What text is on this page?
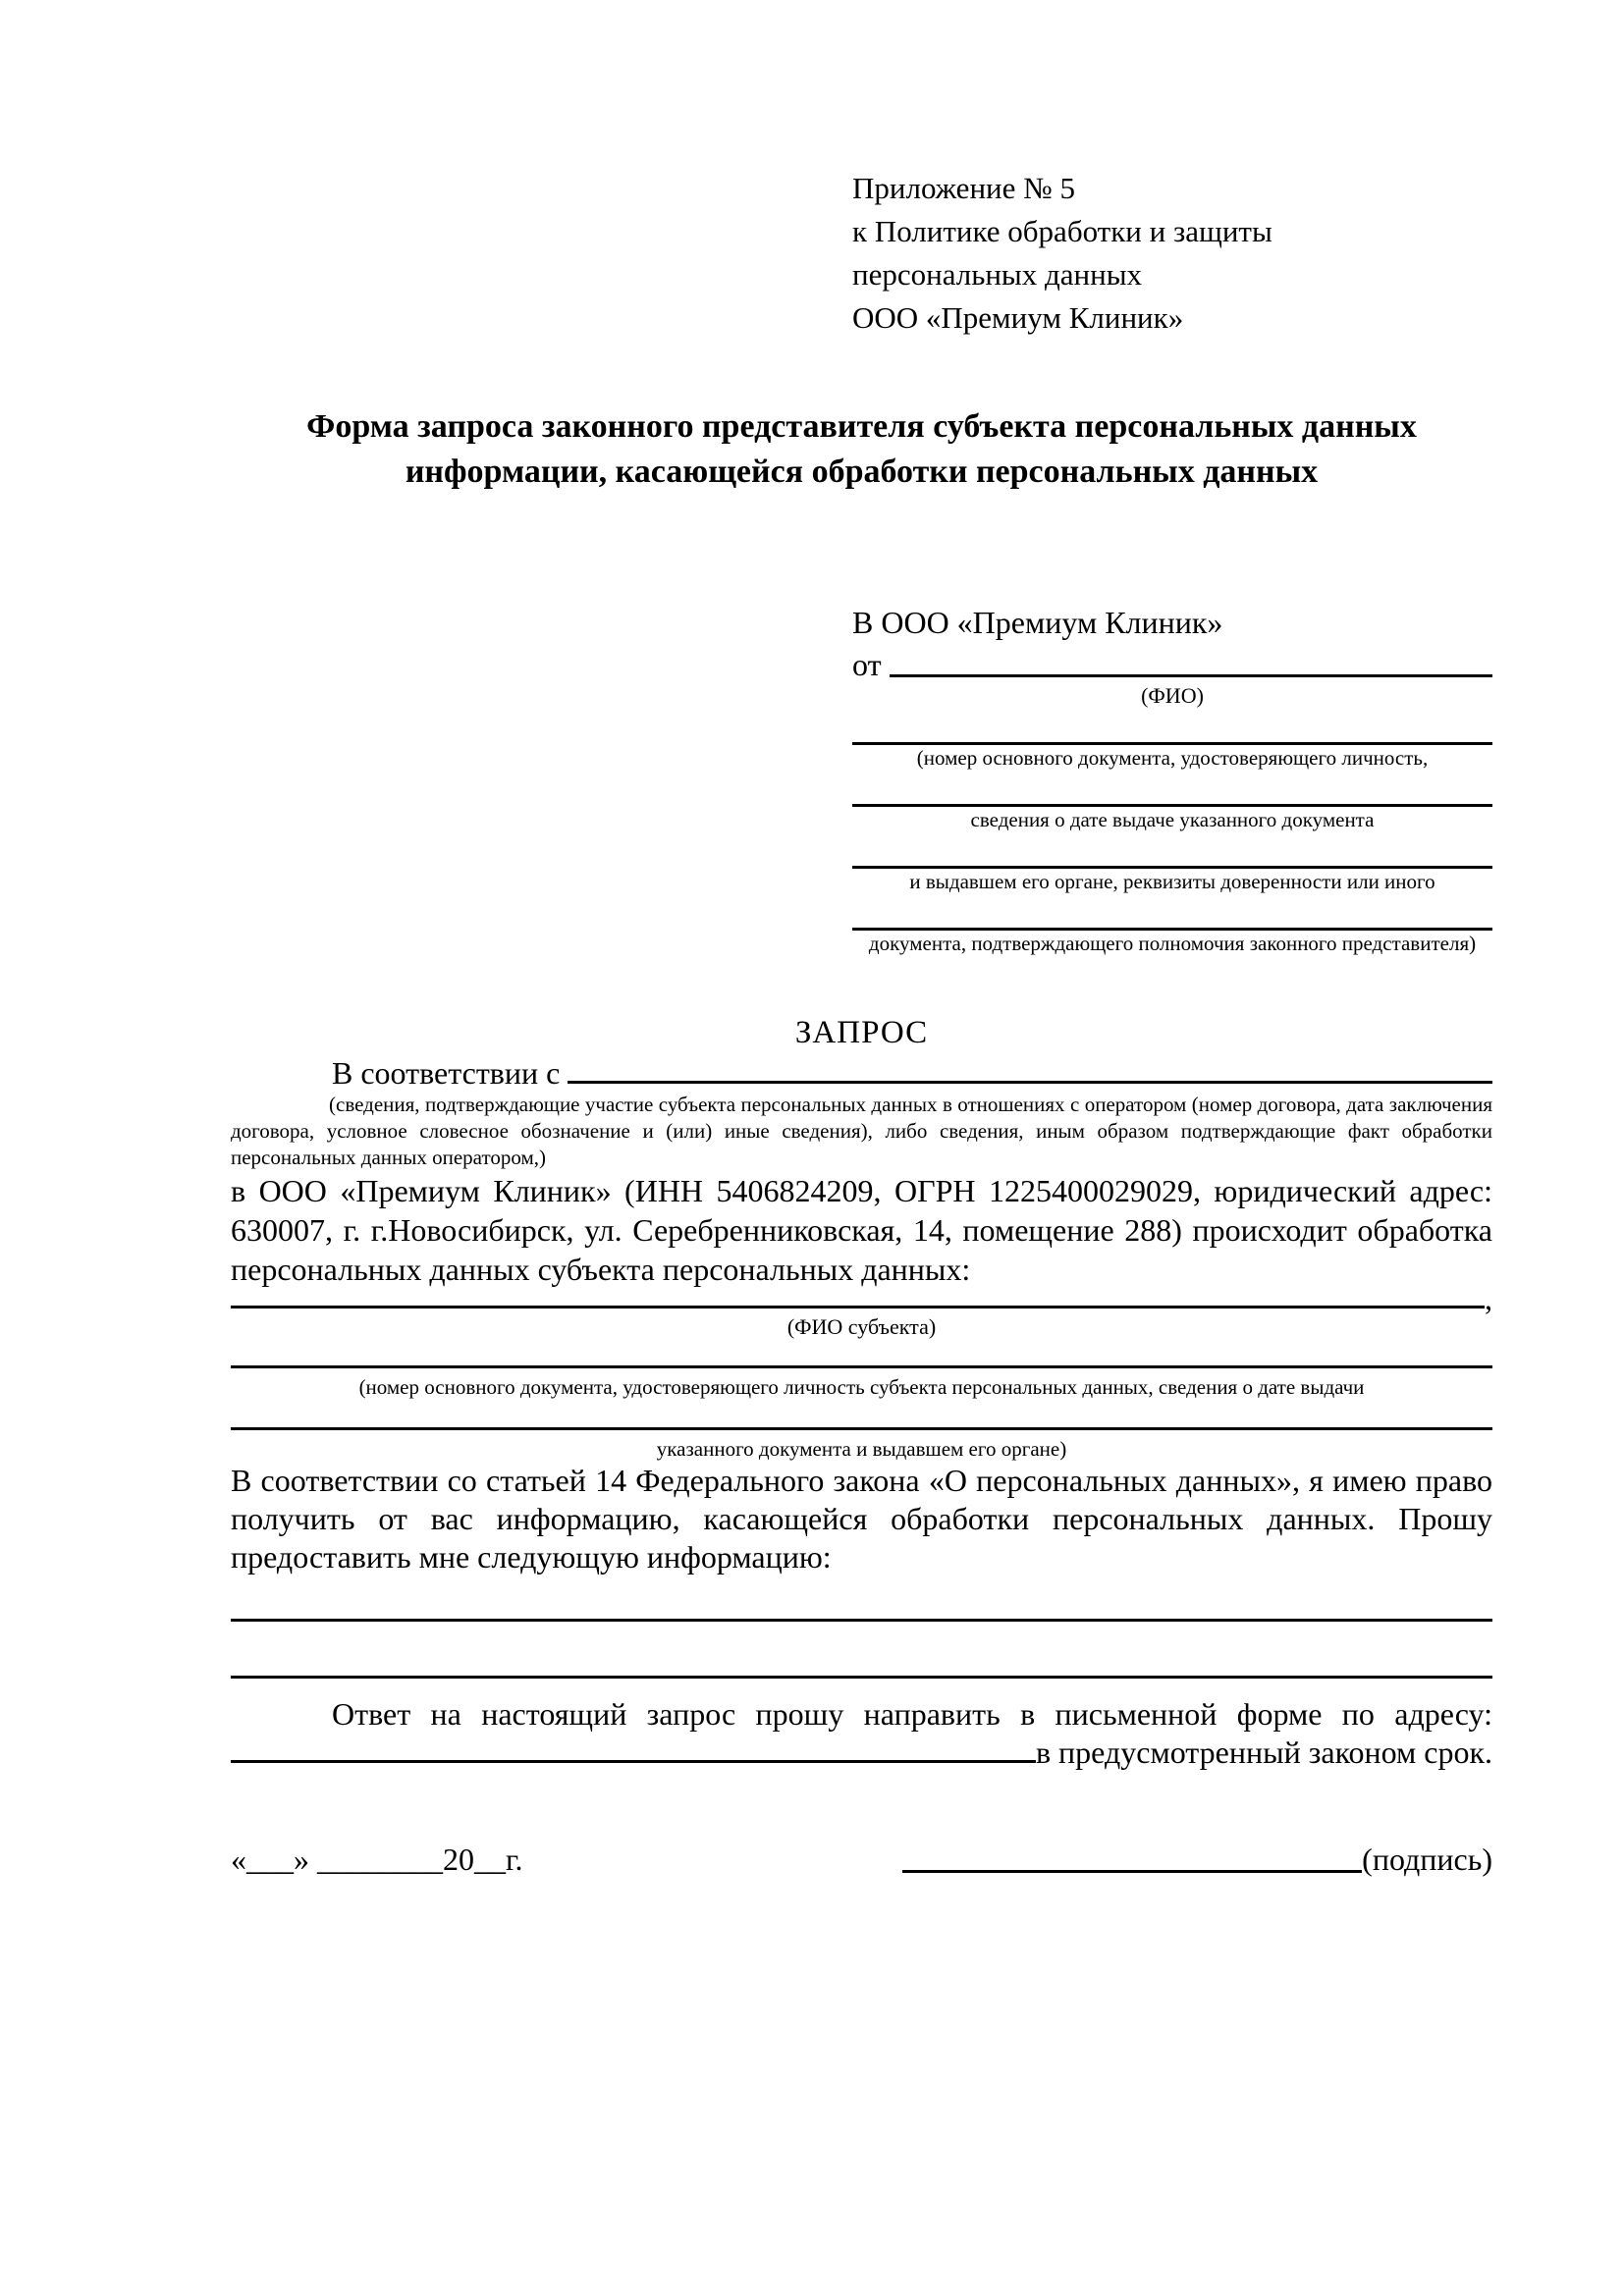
Приложение № 5
к Политике обработки и защиты
персональных данных
ООО «Премиум Клиник»
Форма запроса законного представителя субъекта персональных данных
информации, касающейся обработки персональных данных
В ООО «Премиум Клиник»
от
(ФИО)
(номер основного документа, удостоверяющего личность,
сведения о дате выдаче указанного документа
и выдавшем его органе, реквизиты доверенности или иного
документа, подтверждающего полномочия законного представителя)
ЗАПРОС
В соответствии с
(сведения, подтверждающие участие субъекта персональных данных в отношениях с оператором (номер договора, дата заключения договора, условное словесное обозначение и (или) иные сведения), либо сведения, иным образом подтверждающие факт обработки персональных данных оператором,)

в ООО «Премиум Клиник» (ИНН 5406824209, ОГРН 1225400029029, юридический адрес: 630007, г. г.Новосибирск, ул. Серебренниковская, 14, помещение 288) происходит обработка персональных данных субъекта персональных данных:

,
(ФИО субъекта)
(номер основного документа, удостоверяющего личность субъекта персональных данных, сведения о дате выдачи
указанного документа и выдавшем его органе)

В соответствии со статьей 14 Федерального закона «О персональных данных», я имею право получить от вас информацию, касающейся обработки персональных данных. Прошу предоставить мне следующую информацию:

Ответ на настоящий запрос прошу направить в письменной форме по адресу:

в предусмотренный законом срок.
«___» ________20__г.	(подпись)
